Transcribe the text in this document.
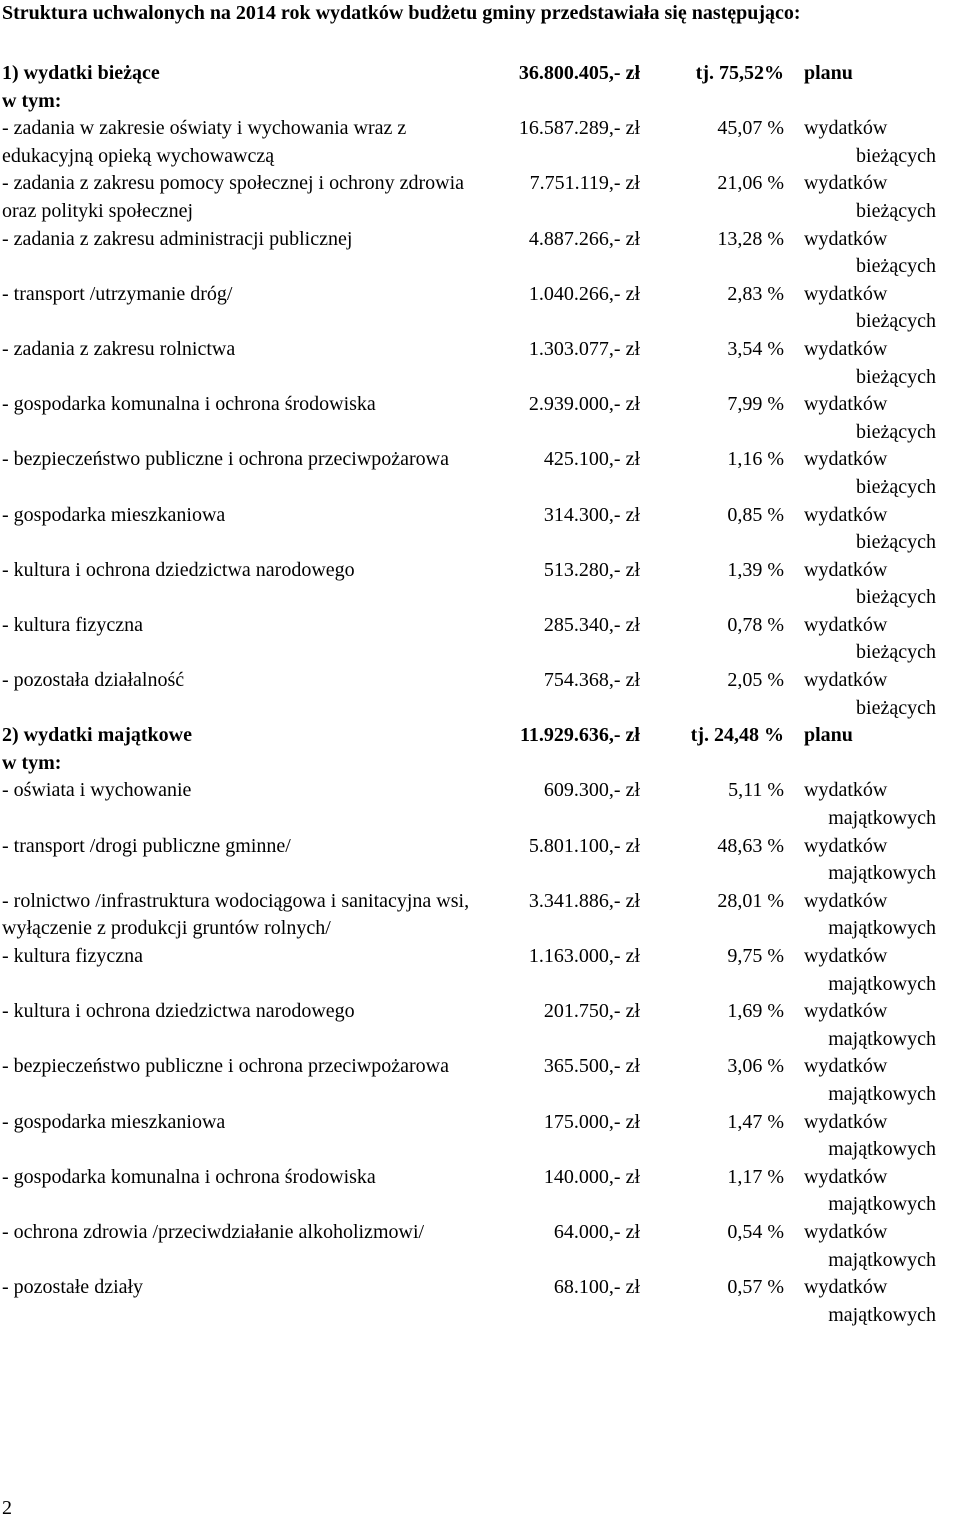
Struktura uchwalonych na 2014 rok wydatków budżetu gminy przedstawiała się następująco:
1) wydatki bieżące	36.800.405,- zł	tj. 75,52%	planu
w tym:
- zadania w zakresie oświaty i wychowania wraz z edukacyjną opieką wychowawczą
16.587.289,- zł	45,07 %	wydatków
bieżących
- zadania z zakresu pomocy społecznej i ochrony zdrowia oraz polityki społecznej
7.751.119,- zł	21,06 %	wydatków
bieżących
- zadania z zakresu administracji publicznej	4.887.266,- zł	13,28 %	wydatków
bieżących
- transport /utrzymanie dróg/	1.040.266,- zł	2,83 %	wydatków
bieżących
- zadania z zakresu rolnictwa	1.303.077,- zł	3,54 %	wydatków
bieżących
- gospodarka komunalna i ochrona środowiska	2.939.000,- zł	7,99 %	wydatków
bieżących
- bezpieczeństwo publiczne i ochrona przeciwpożarowa	425.100,- zł	1,16 %	wydatków
bieżących
- gospodarka mieszkaniowa	314.300,- zł	0,85 %	wydatków
bieżących
- kultura i ochrona dziedzictwa narodowego	513.280,- zł	1,39 %	wydatków
bieżących
- kultura fizyczna	285.340,- zł	0,78 %	wydatków
bieżących
- pozostała działalność	754.368,- zł	2,05 %	wydatków
bieżących
2) wydatki majątkowe	11.929.636,- zł	tj. 24,48 %	planu
w tym:
- oświata i wychowanie	609.300,- zł	5,11 %	wydatków
majątkowych
- transport /drogi publiczne gminne/	5.801.100,- zł	48,63 %	wydatków
majątkowych
- rolnictwo /infrastruktura wodociągowa i sanitacyjna wsi, wyłączenie z produkcji gruntów rolnych/
3.341.886,- zł	28,01 %	wydatków
majątkowych
- kultura fizyczna	1.163.000,- zł	9,75 %	wydatków
majątkowych
- kultura i ochrona dziedzictwa narodowego	201.750,- zł	1,69 %	wydatków
majątkowych
- bezpieczeństwo publiczne i ochrona przeciwpożarowa	365.500,- zł	3,06 %	wydatków
majątkowych
- gospodarka mieszkaniowa	175.000,- zł	1,47 %	wydatków
majątkowych
- gospodarka komunalna i ochrona środowiska	140.000,- zł	1,17 %	wydatków
majątkowych
- ochrona zdrowia /przeciwdziałanie alkoholizmowi/	64.000,- zł	0,54 %	wydatków
majątkowych
- pozostałe działy	68.100,- zł	0,57 %	wydatków
majątkowych
2
